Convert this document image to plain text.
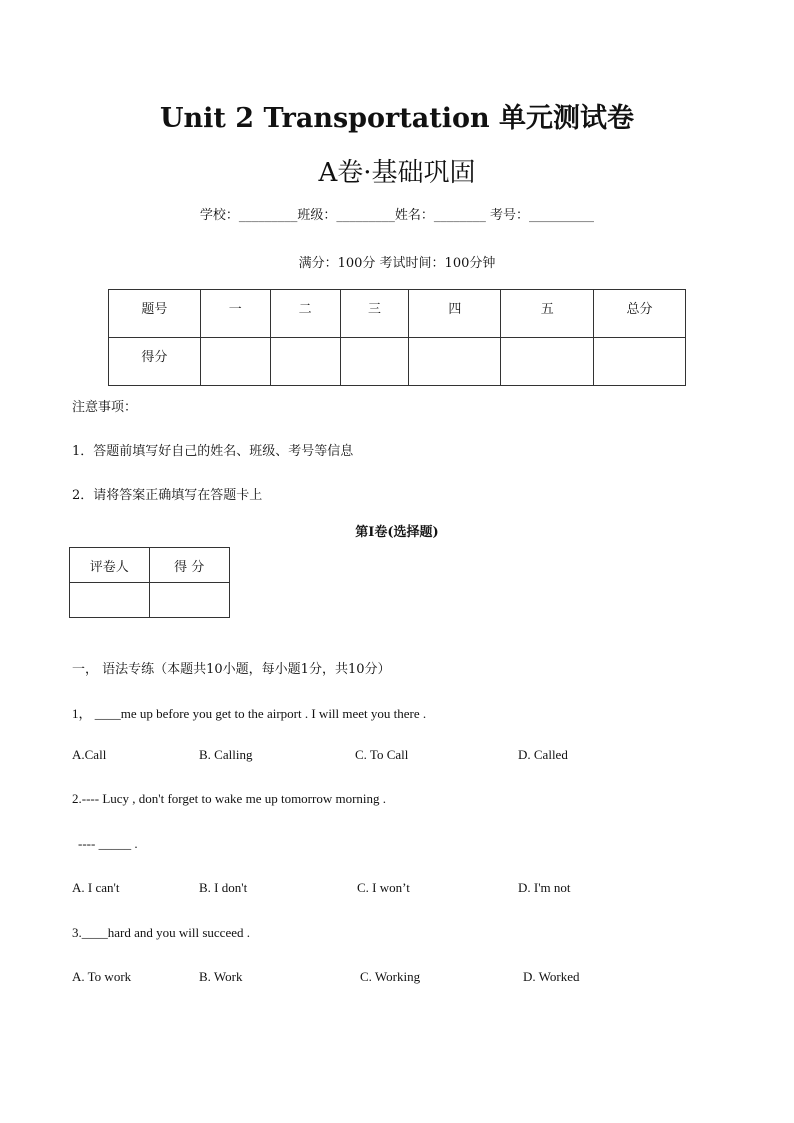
Unit 2 Transportation 单元测试卷
A卷·基础巩固
学校：_________班级：_________姓名：________ 考号：__________
满分：100分 考试时间：100分钟
题号	一	二	三	四	五	总分
得分						
注意事项：
1．答题前填写好自己的姓名、班级、考号等信息
2．请将答案正确填写在答题卡上
第I卷(选择题)
评卷人	得 分

一， 语法专练（本题共10小题，每小题1分，共10分）
1， ____me up before you get to the airport . I will meet you there .
A.Call	B. Calling	C. To Call	D. Called
2.---- Lucy , don't forget to wake me up tomorrow morning .
---- _____ .
A. I can't	B. I don't	C. I won’t	D. I'm not
3.____hard and you will succeed .
A. To work	B. Work	C. Working	D. Worked
